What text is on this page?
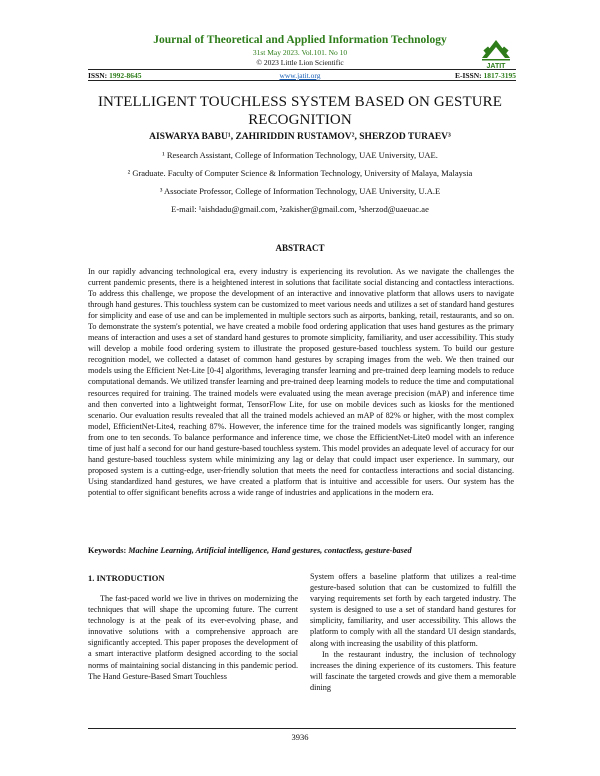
Journal of Theoretical and Applied Information Technology

31st May 2023. Vol.101. No 10

© 2023 Little Lion Scientific	JATIT
ISSN: 1992-8645	www.jatit.org	E-ISSN: 1817-3195
INTELLIGENT TOUCHLESS SYSTEM BASED ON GESTURE RECOGNITION

AISWARYA BABU¹, ZAHIRIDDIN RUSTAMOV², SHERZOD TURAEV³

¹ Research Assistant, College of Information Technology, UAE University, UAE.

² Graduate. Faculty of Computer Science & Information Technology, University of Malaya, Malaysia

³ Associate Professor, College of Information Technology, UAE University, U.A.E

E-mail: ¹aishdadu@gmail.com, ²zakisher@gmail.com, ³sherzod@uaeuac.ae

ABSTRACT

In our rapidly advancing technological era, every industry is experiencing its revolution. As we navigate the challenges the current pandemic presents, there is a heightened interest in solutions that facilitate social distancing and contactless interactions. To address this challenge, we propose the development of an interactive and innovative platform that allows users to navigate through hand gestures. This touchless system can be customized to meet various needs and utilizes a set of standard hand gestures for simplicity and ease of use and can be implemented in multiple sectors such as airports, banking, retail, restaurants, and so on. To demonstrate the system's potential, we have created a mobile food ordering application that uses hand gestures as the primary means of interaction and uses a set of standard hand gestures to promote simplicity, familiarity, and user accessibility. This study will develop a mobile food ordering system to illustrate the proposed gesture-based touchless system. To build our gesture recognition model, we collected a dataset of common hand gestures by scraping images from the web. We then trained our models using the Efficient Net-Lite [0-4] algorithms, leveraging transfer learning and pre-trained deep learning models to reduce computational demands. We utilized transfer learning and pre-trained deep learning models to reduce the time and computational resources required for training. The trained models were evaluated using the mean average precision (mAP) and inference time and then converted into a lightweight format, TensorFlow Lite, for use on mobile devices such as kiosks for the mentioned scenario. Our evaluation results revealed that all the trained models achieved an mAP of 82% or higher, with the most complex model, EfficientNet-Lite4, reaching 87%. However, the inference time for the trained models was significantly longer, ranging from one to ten seconds. To balance performance and inference time, we chose the EfficientNet-Lite0 model with an inference time of just half a second for our hand gesture-based touchless system. This model provides an adequate level of accuracy for our hand gesture-based touchless system while minimizing any lag or delay that could impact user experience. In summary, our proposed system is a cutting-edge, user-friendly solution that meets the need for contactless interactions and social distancing. Using standardized hand gestures, we have created a platform that is intuitive and accessible for users. Our system has the potential to offer significant benefits across a wide range of industries and applications in the modern era.

Keywords: Machine Learning, Artificial intelligence, Hand gestures, contactless, gesture-based

1. INTRODUCTION

The fast-paced world we live in thrives on modernizing the techniques that will shape the upcoming future. The current technology is at the peak of its ever-evolving phase, and innovative solutions with a comprehensive approach are significantly accepted. This paper proposes the development of a smart interactive platform designed according to the social norms of maintaining social distancing in this pandemic period. The Hand Gesture-Based Smart Touchless

System offers a baseline platform that utilizes a real-time gesture-based solution that can be customized to fulfill the varying requirements set forth by each targeted industry. The system is designed to use a set of standard hand gestures for simplicity, familiarity, and user accessibility. This allows the platform to comply with all the standard UI design standards, along with increasing the usability of this platform.

In the restaurant industry, the inclusion of technology increases the dining experience of its customers. This feature will fascinate the targeted crowds and give them a memorable dining

3936
